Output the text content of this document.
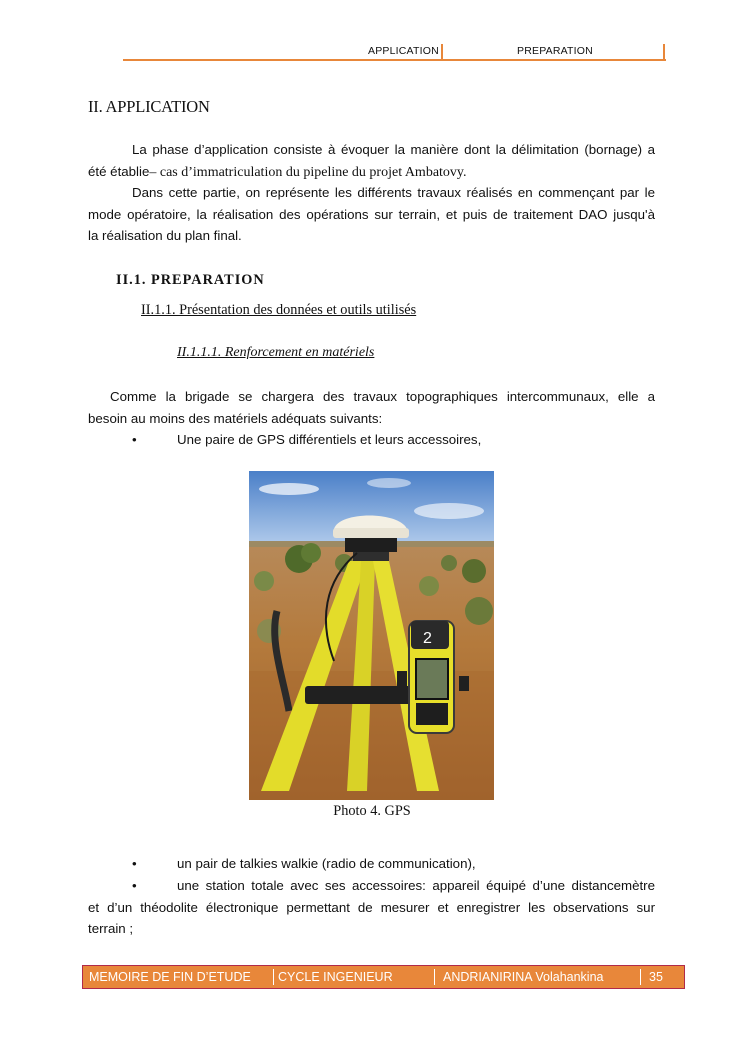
APPLICATION	PREPARATION
II. APPLICATION
La phase d’application consiste à évoquer la manière dont la délimitation (bornage) a
été établie– cas d’immatriculation du pipeline du projet Ambatovy.
Dans cette partie, on représente les différents travaux réalisés en commençant par le
mode opératoire, la réalisation des opérations sur terrain, et puis de traitement DAO jusqu'à
la réalisation du plan final.
II.1. PREPARATION
II.1.1. Présentation des données et outils utilisés
II.1.1.1. Renforcement en matériels
Comme la brigade se chargera des travaux topographiques intercommunaux, elle a
besoin au moins des matériels adéquats suivants:
•	Une paire de GPS différentiels et leurs accessoires,
2
Photo 4. GPS
•	un pair de talkies walkie (radio de communication),
•	une station totale avec ses accessoires: appareil équipé d’une distancemètre
et d’un théodolite électronique permettant de mesurer et enregistrer les observations sur
terrain ;
MEMOIRE DE FIN D’ETUDE CYCLE INGENIEUR	ANDRIANIRINA Volahankina	35
